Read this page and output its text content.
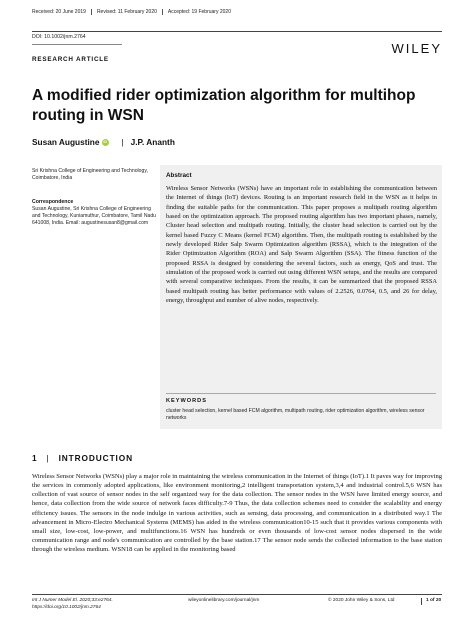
Received: 20 June 2019	Revised: 11 February 2020	Accepted: 19 February 2020
DOI: 10.1002/jnm.2764
WILEY
RESEARCH ARTICLE
A modified rider optimization algorithm for multihop routing in WSN
Susan Augustine
iD	| J.P. Ananth
Sri Krishna College of Engineering and Technology, Coimbatore, India
Correspondence
Susan Augustine, Sri Krishna College of Engineering and Technology, Kuniamuthur, Coimbatore, Tamil Nadu 641008, India. Email: augustinesusan8@gmail.com
Abstract

Wireless Sensor Networks (WSNs) have an important role in establishing the communication between the Internet of things (IoT) devices. Routing is an important research field in the WSN as it helps in finding the suitable paths for the communication. This paper proposes a multipath routing algorithm based on the optimization approach. The proposed routing algorithm has two important phases, namely, Cluster head selection and multipath routing. Initially, the cluster head selection is carried out by the kernel based Fuzzy C Means (kernel FCM) algorithm. Then, the multipath routing is established by the newly developed Rider Salp Swarm Optimization algorithm (RSSA), which is the integration of the Rider Optimization Algorithm (ROA) and Salp Swarm Algorithm (SSA). The fitness function of the proposed RSSA is designed by considering the several factors, such as energy, QoS and trust. The simulation of the proposed work is carried out using different WSN setups, and the results are compared with several comparative techniques. From the results, it can be summarized that the proposed RSSA based multipath routing has better performance with values of 2.2526, 0.0764, 0.5, and 26 for delay, energy, throughput and number of alive nodes, respectively.

KEYWORDS
cluster head selection, kernel based FCM algorithm, multipath routing, rider optimization algorithm, wireless sensor networks
1 | INTRODUCTION

Wireless Sensor Networks (WSNs) play a major role in maintaining the wireless communication in the Internet of things (IoT).1 It paves way for improving the services in commonly adopted applications, like environment monitoring,2 intelligent transportation system,3,4 and industrial control.5,6 WSN has collection of vast source of sensor nodes in the self organized way for the data collection. The sensor nodes in the WSN have limited energy source, and hence, data collection from the wide source of network faces difficulty.7-9 Thus, the data collection schemes need to consider the scalability and energy efficiency issues. The sensors in the node indulge in various activities, such as sensing, data processing, and communication in a distributed way.1 The advancement in Micro-Electro Mechanical Systems (MEMS) has aided in the wireless communication10-15 such that it provides various components with small size, low-cost, low-power, and multifunctions.16 WSN has hundreds or even thousands of low-cost sensor nodes dispersed in the wide communication range and node's communication are controlled by the base station.17 The sensor node sends the collected information to the base station through the wireless medium. WSN18 can be applied in the monitoring based

Int J Numer Model El. 2020;33:e2764.
https://doi.org/10.1002/jnm.2764
wileyonlinelibrary.com/journal/jnm	© 2020 John Wiley & Sons, Ltd	1 of 20
